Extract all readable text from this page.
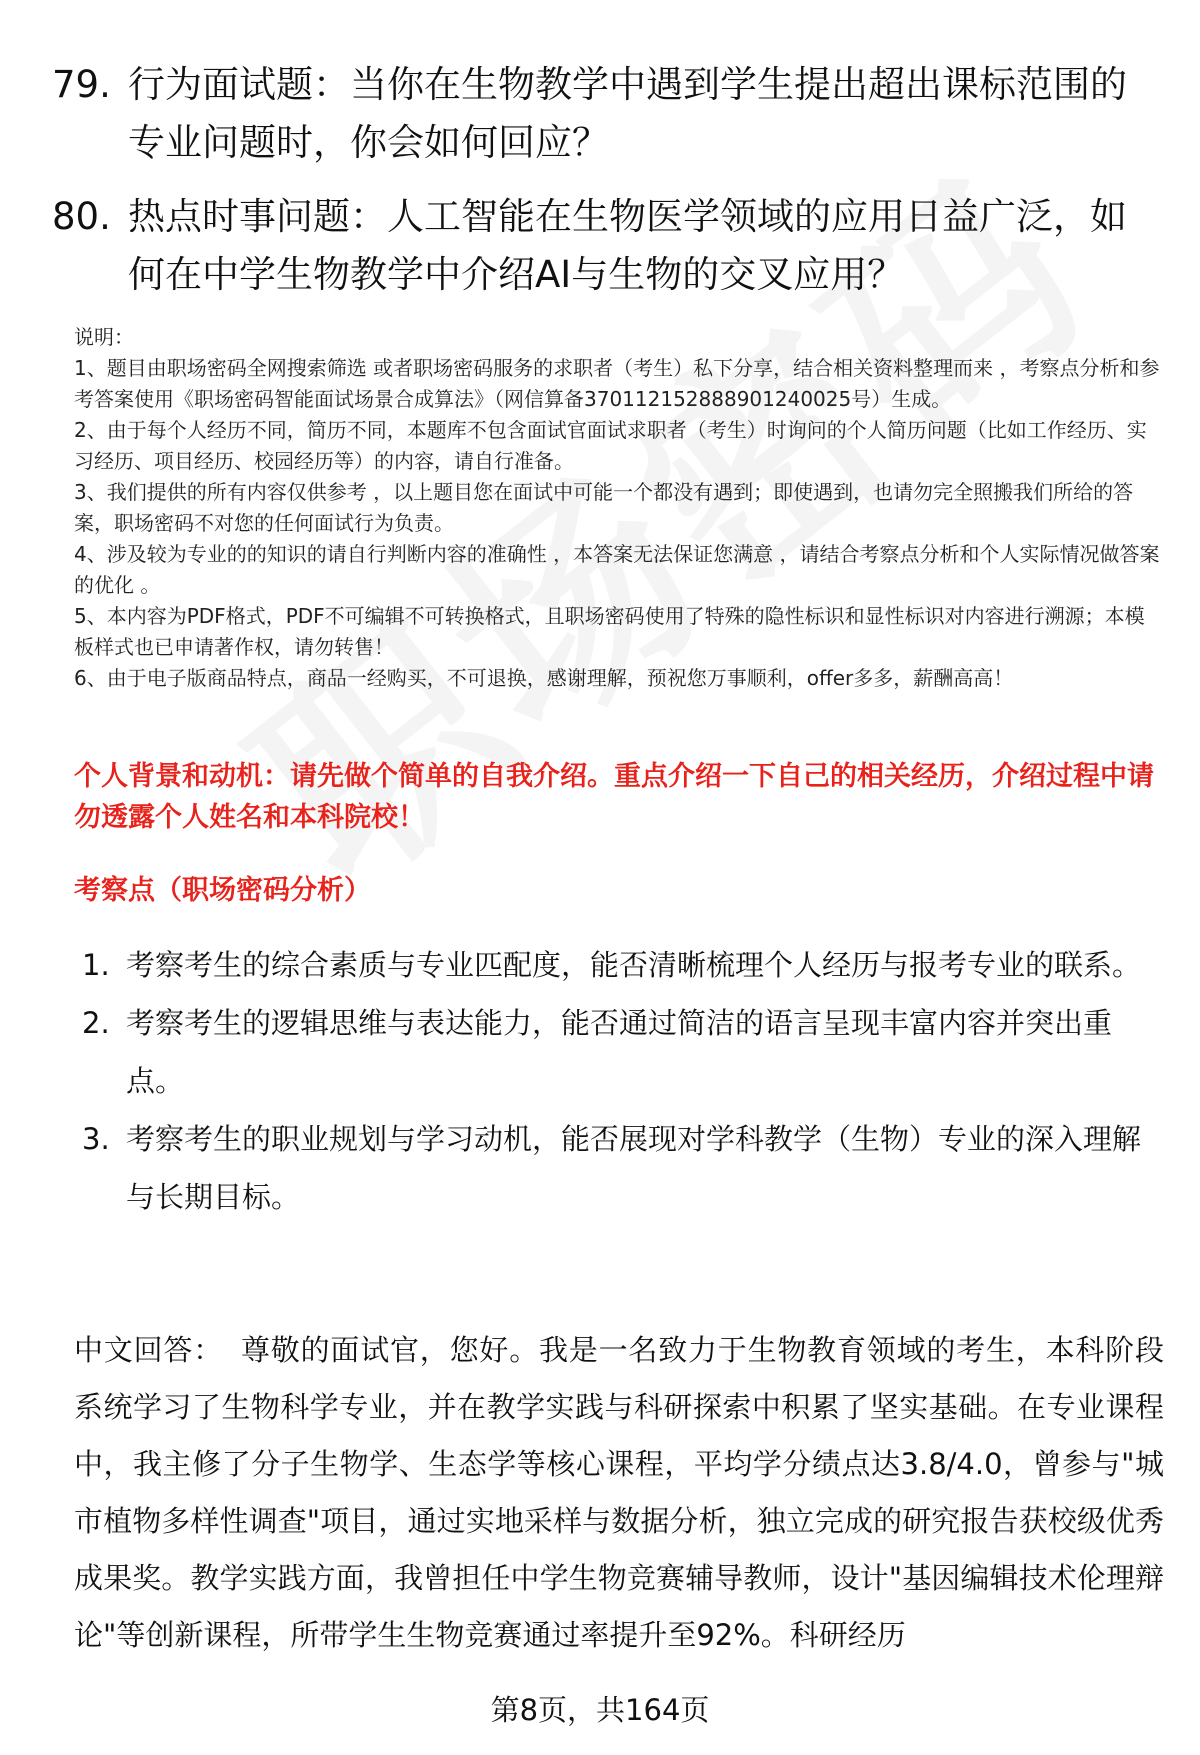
79. 行为面试题：当你在生物教学中遇到学生提出超出课标范围的专业问题时，你会如何回应？
80. 热点时事问题：人工智能在生物医学领域的应用日益广泛，如何在中学生物教学中介绍AI与生物的交叉应用？
说明：
1、题目由职场密码全网搜索筛选 或者职场密码服务的求职者（考生）私下分享，结合相关资料整理而来 ，考察点分析和参考答案使用《职场密码智能面试场景合成算法》（网信算备370112152888901240025号）生成。
2、由于每个人经历不同，简历不同，本题库不包含面试官面试求职者（考生）时询问的个人简历问题（比如工作经历、实习经历、项目经历、校园经历等）的内容，请自行准备。
3、我们提供的所有内容仅供参考 ，以上题目您在面试中可能一个都没有遇到；即使遇到，也请勿完全照搬我们所给的答案，职场密码不对您的任何面试行为负责。
4、涉及较为专业的的知识的请自行判断内容的准确性 ，本答案无法保证您满意 ，请结合考察点分析和个人实际情况做答案的优化 。
5、本内容为PDF格式，PDF不可编辑不可转换格式，且职场密码使用了特殊的隐性标识和显性标识对内容进行溯源；本模板样式也已申请著作权，请勿转售！
6、由于电子版商品特点，商品一经购买，不可退换，感谢理解，预祝您万事顺利，offer多多，薪酬高高！
个人背景和动机：请先做个简单的自我介绍。重点介绍一下自己的相关经历，介绍过程中请勿透露个人姓名和本科院校！
考察点（职场密码分析）
1. 考察考生的综合素质与专业匹配度，能否清晰梳理个人经历与报考专业的联系。
2. 考察考生的逻辑思维与表达能力，能否通过简洁的语言呈现丰富内容并突出重点。
3. 考察考生的职业规划与学习动机，能否展现对学科教学（生物）专业的深入理解与长期目标。
中文回答： 尊敬的面试官，您好。我是一名致力于生物教育领域的考生，本科阶段系统学习了生物科学专业，并在教学实践与科研探索中积累了坚实基础。在专业课程中，我主修了分子生物学、生态学等核心课程，平均学分绩点达3.8/4.0，曾参与"城市植物多样性调查"项目，通过实地采样与数据分析，独立完成的研究报告获校级优秀成果奖。教学实践方面，我曾担任中学生物竞赛辅导教师，设计"基因编辑技术伦理辩论"等创新课程，所带学生生物竞赛通过率提升至92%。科研经历
第8页，共164页
